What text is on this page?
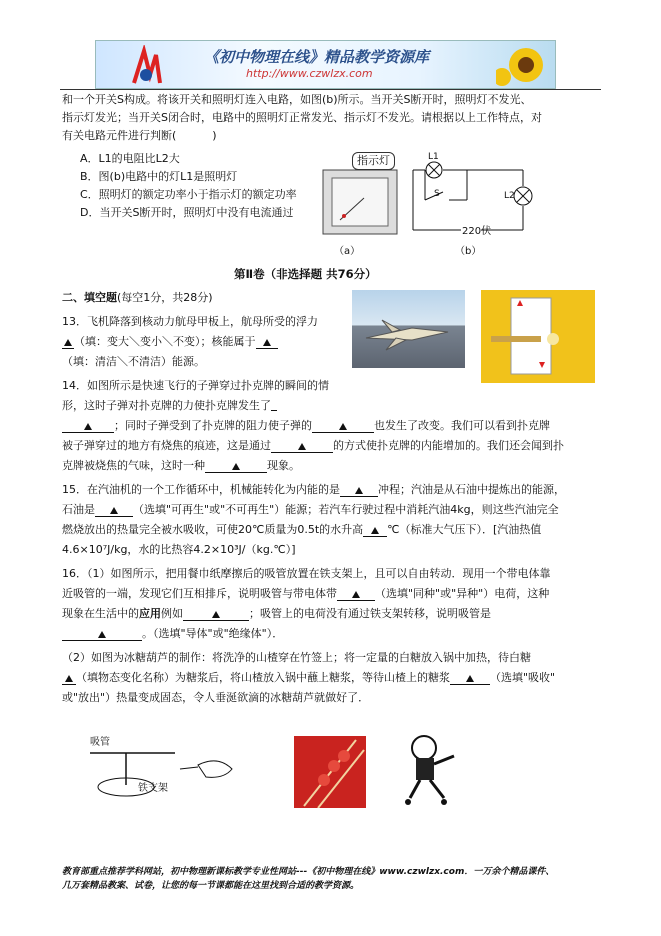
《初中物理在线》精品教学资源库
http://www.czwlzx.com
和一个开关S构成。将该开关和照明灯连入电路，如图(b)所示。当开关S断开时，照明灯不发光、
指示灯发光；当开关S闭合时，电路中的照明灯正常发光、指示灯不发光。请根据以上工作特点，对
有关电路元件进行判断(	)
A．L1的电阻比L2大
B．图(b)电路中的灯L1是照明灯
C．照明灯的额定功率小于指示灯的额定功率
D．当开关S断开时，照明灯中没有电流通过
指示灯
（a）
L1
S	L2
220伏
（b）
第Ⅱ卷（非选择题 共76分）
二、填空题(每空1分，共28分)
13．飞机降落到核动力航母甲板上，航母所受的浮力
（填：变大＼变小＼不变）；核能属于
（填：清洁＼不清洁）能源。
14．如图所示是快速飞行的子弹穿过扑克牌的瞬间的情
形，这时子弹对扑克牌的力使扑克牌发生了
；同时子弹受到了扑克牌的阻力使子弹的	也发生了改变。我们可以看到扑克牌
被子弹穿过的地方有烧焦的痕迹，这是通过	的方式使扑克牌的内能增加的。我们还会闻到扑
克牌被烧焦的气味，这时一种	现象。
15．在汽油机的一个工作循环中，机械能转化为内能的是	冲程；汽油是从石油中提炼出的能源，
石油是	（选填"可再生"或"不可再生"）能源；若汽车行驶过程中消耗汽油4kg，则这些汽油完全
燃烧放出的热量完全被水吸收，可使20℃质量为0.5t的水升高 ℃（标准大气压下）．[汽油热值
4.6×10⁷J/kg，水的比热容4.2×10³J/（kg.℃）]
16．（1）如图所示，把用餐巾纸摩擦后的吸管放置在铁支架上，且可以自由转动．现用一个带电体靠
近吸管的一端，发现它们互相排斥，说明吸管与带电体带	（选填"同种"或"异种"）电荷，这种
现象在生活中的应用例如	；吸管上的电荷没有通过铁支架转移，说明吸管是
。（选填"导体"或"绝缘体"）．
（2）如图为冰糖葫芦的制作：将洗净的山楂穿在竹签上；将一定量的白糖放入锅中加热，待白糖
（填物态变化名称）为糖浆后，将山楂放入锅中蘸上糖浆，等待山楂上的糖浆	（选填"吸收"
或"放出"）热量变成固态，令人垂涎欲滴的冰糖葫芦就做好了．
吸管
铁支架
教育部重点推荐学科网站，初中物理新课标教学专业性网站---《初中物理在线》www.czwlzx.com．一万余个精品课件、
几万套精品教案、试卷，让您的每一节课都能在这里找到合适的教学资源。
